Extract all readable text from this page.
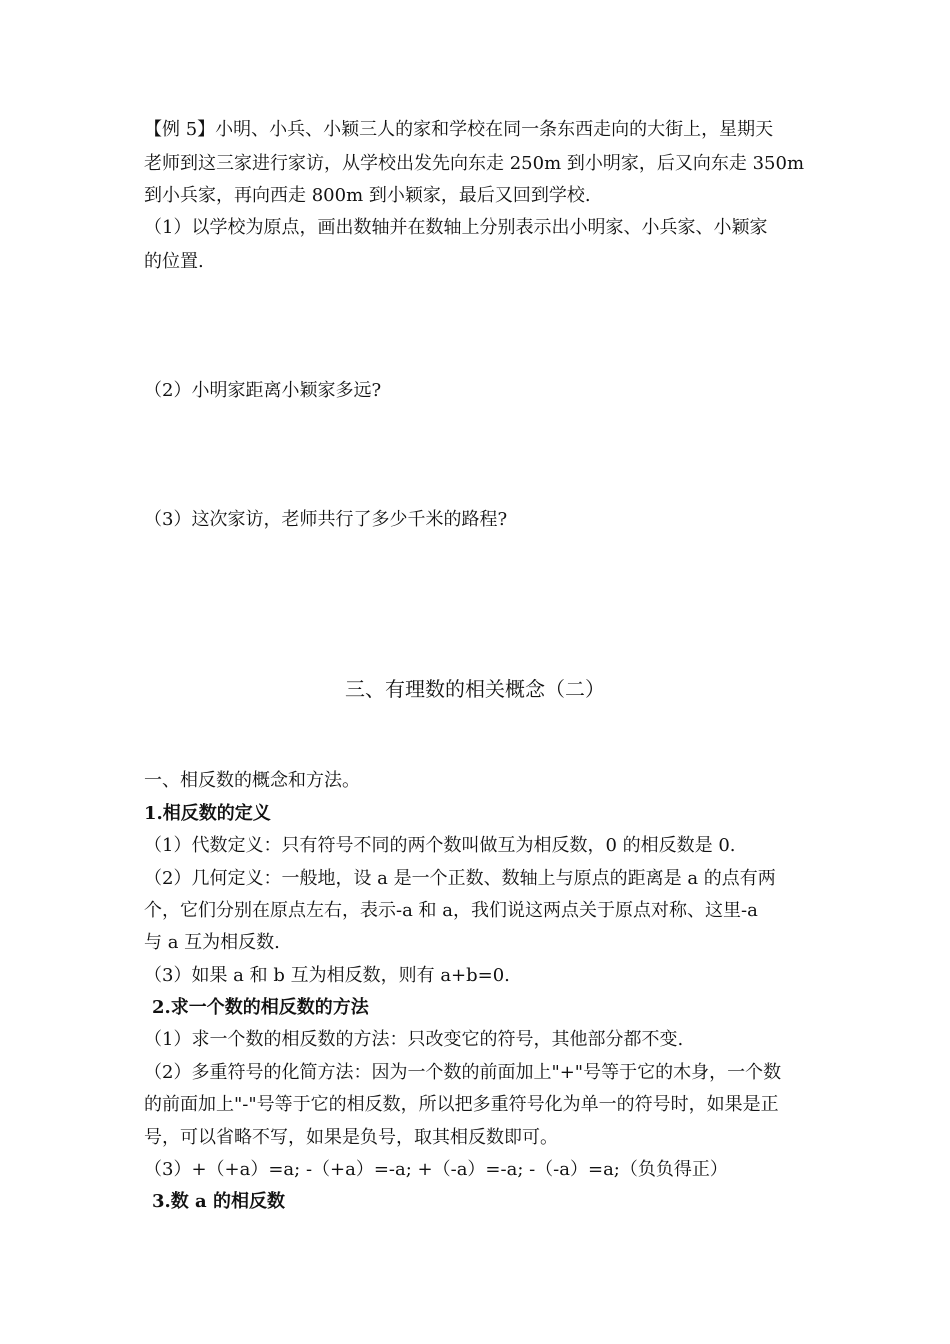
【例 5】小明、小兵、小颖三人的家和学校在同一条东西走向的大街上，星期天
老师到这三家进行家访，从学校出发先向东走 250m 到小明家，后又向东走 350m
到小兵家，再向西走 800m 到小颖家，最后又回到学校.
（1）以学校为原点，画出数轴并在数轴上分别表示出小明家、小兵家、小颖家
的位置.
（2）小明家距离小颖家多远?
（3）这次家访，老师共行了多少千米的路程?
三、有理数的相关概念（二）
一、相反数的概念和方法。
1.相反数的定义
（1）代数定义：只有符号不同的两个数叫做互为相反数，0 的相反数是 0.
（2）几何定义：一般地，设 a 是一个正数、数轴上与原点的距离是 a 的点有两
个，它们分别在原点左右，表示-a 和 a，我们说这两点关于原点对称、这里-a
与 a 互为相反数.
（3）如果 a 和 b 互为相反数，则有 a+b=0.
2.求一个数的相反数的方法
（1）求一个数的相反数的方法：只改变它的符号，其他部分都不变.
（2）多重符号的化简方法：因为一个数的前面加上"+"号等于它的木身，一个数
的前面加上"-"号等于它的相反数，所以把多重符号化为单一的符号时，如果是正
号，可以省略不写，如果是负号，取其相反数即可。
（3）+（+a）=a; -（+a）=-a; +（-a）=-a; -（-a）=a;（负负得正）
3.数 a 的相反数
